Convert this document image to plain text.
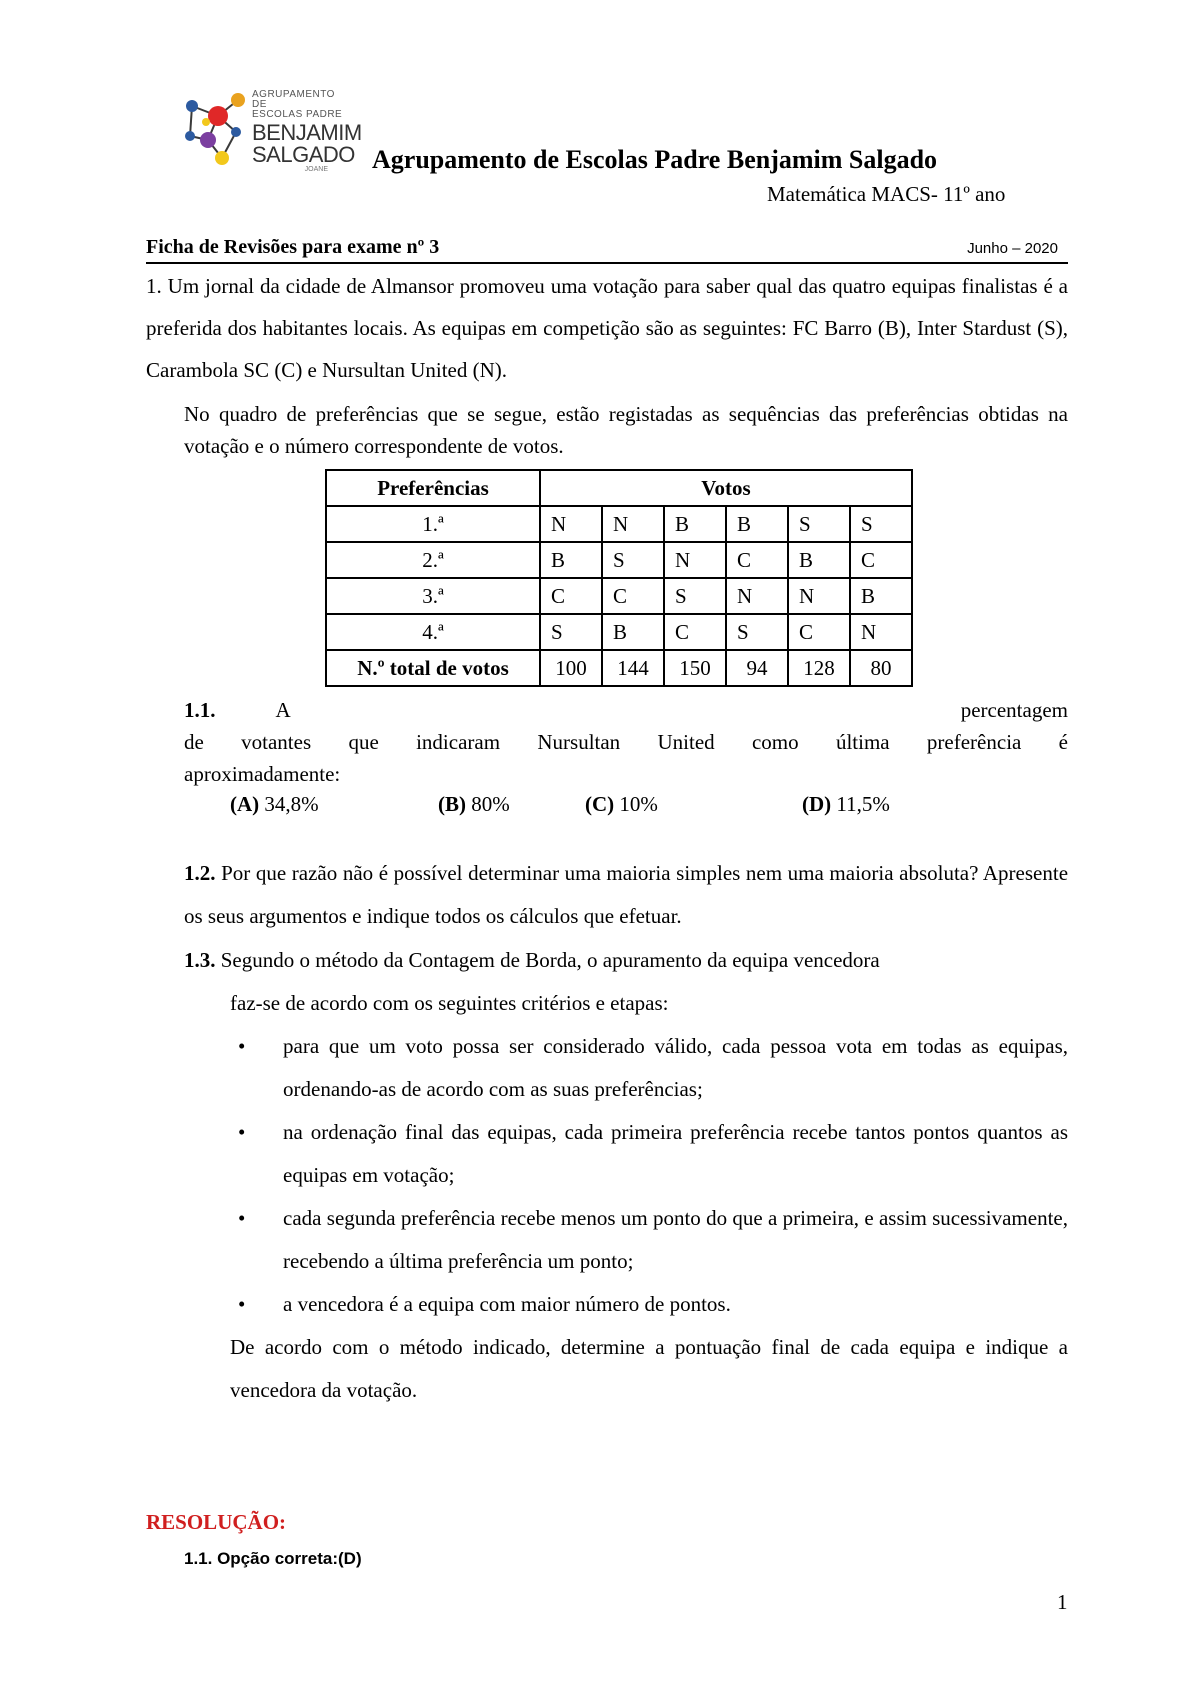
AGRUPAMENTO DE
ESCOLAS PADRE
BENJAMIM
SALGADO
JOANE	Agrupamento de Escolas Padre Benjamim Salgado
Matemática MACS- 11º ano
Ficha de Revisões para exame nº 3	Junho – 2020
1. Um jornal da cidade de Almansor promoveu uma votação para saber qual das quatro equipas finalistas é a preferida dos habitantes locais. As equipas em competição são as seguintes: FC Barro (B), Inter Stardust (S), Carambola SC (C) e Nursultan United (N).
No quadro de preferências que se segue, estão registadas as sequências das preferências obtidas na votação e o número correspondente de votos.
Preferências	Votos					
1.ª	N	N	B	B	S	S
2.ª	B	S	N	C	B	C
3.ª	C	C	S	N	N	B
4.ª	S	B	C	S	C	N
N.º total de votos	100	144	150	94	128	80
1.1.	A	percentagem
de votantes que indicaram Nursultan United como última preferência é
aproximadamente:
(A) 34,8%	(B) 80%	(C) 10%	(D) 11,5%
1.2. Por que razão não é possível determinar uma maioria simples nem uma maioria absoluta? Apresente os seus argumentos e indique todos os cálculos que efetuar.
1.3. Segundo o método da Contagem de Borda, o apuramento da equipa vencedora
faz-se de acordo com os seguintes critérios e etapas:
• para que um voto possa ser considerado válido, cada pessoa vota em todas as equipas, ordenando-as de acordo com as suas preferências;
• na ordenação final das equipas, cada primeira preferência recebe tantos pontos quantos as equipas em votação;
• cada segunda preferência recebe menos um ponto do que a primeira, e assim sucessivamente, recebendo a última preferência um ponto;
• a vencedora é a equipa com maior número de pontos.
De acordo com o método indicado, determine a pontuação final de cada equipa e indique a vencedora da votação.
RESOLUÇÃO:
1.1. Opção correta:(D)
1
